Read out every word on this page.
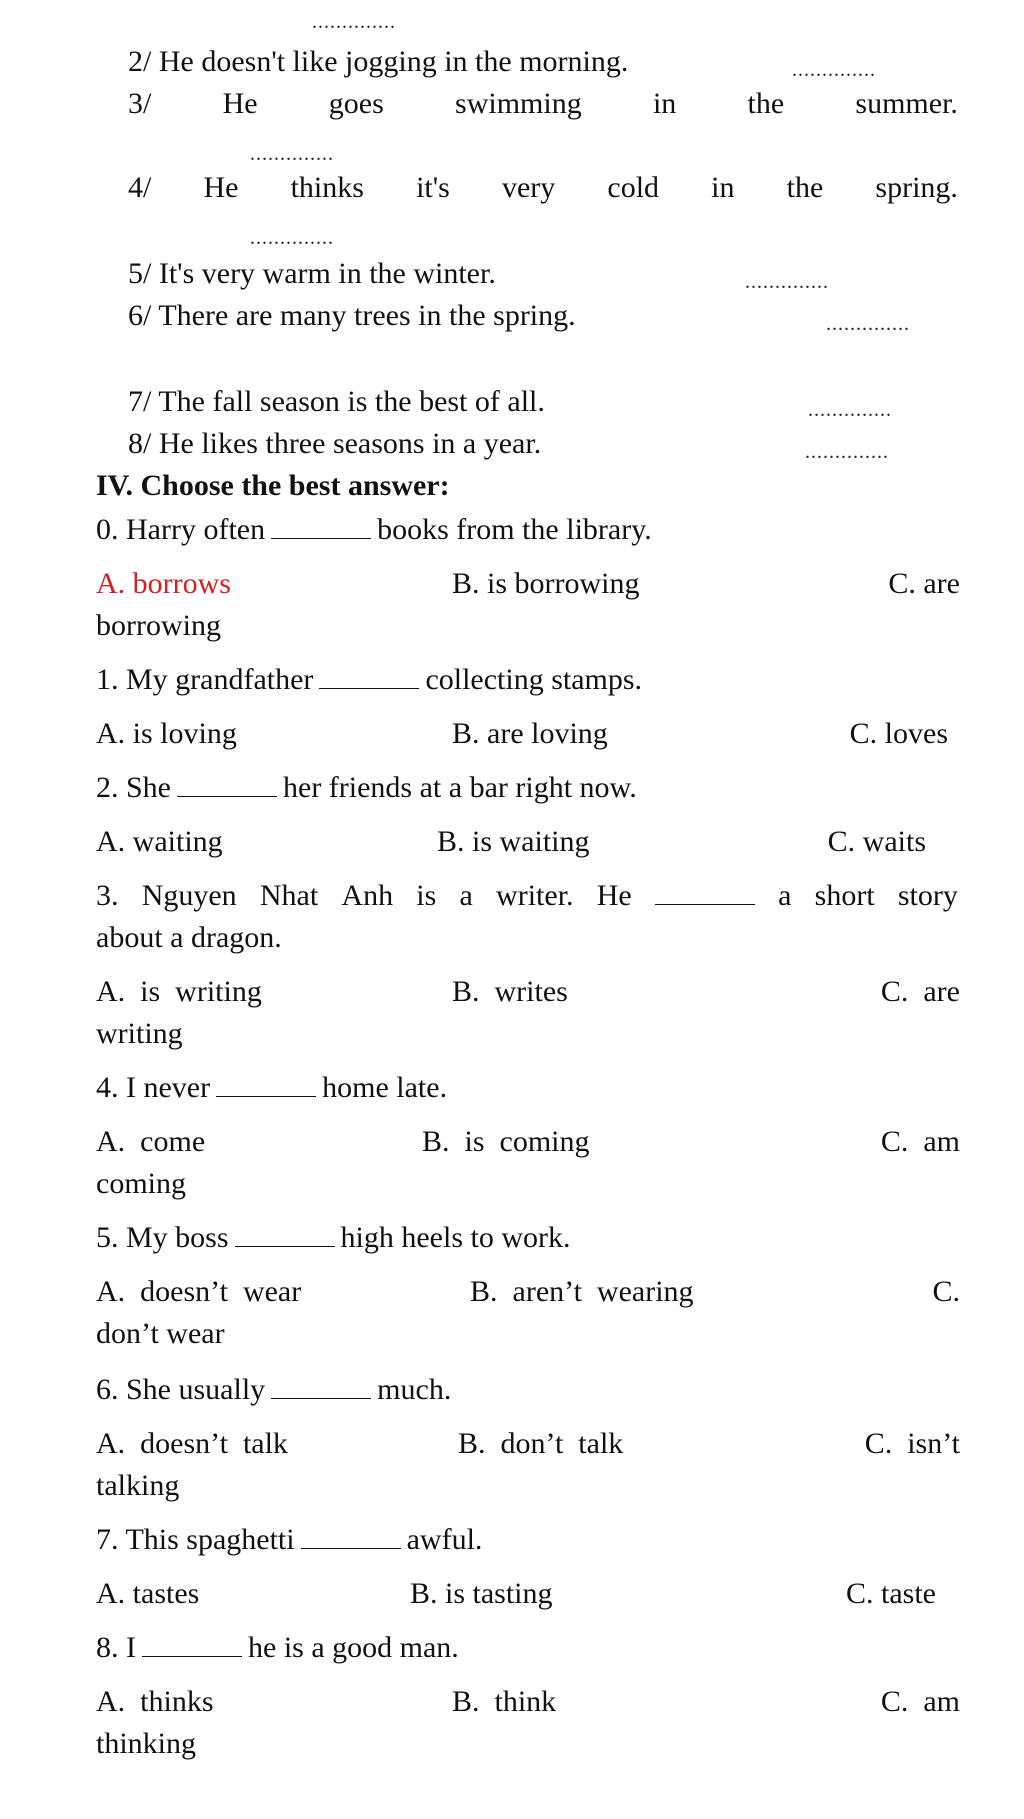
..............
2/ He doesn't like jogging in the morning.	..............
3/ He goes swimming in the summer.
..............
4/ He thinks it's very cold in the spring.
..............
5/ It's very warm in the winter.	..............
6/ There are many trees in the spring.	..............
7/ The fall season is the best of all.	..............
8/ He likes three seasons in a year.	..............
IV. Choose the best answer:
0. Harry often	books from the library.
A. borrows	B. is borrowing	C. are
borrowing
1. My grandfather	collecting stamps.
A. is loving	B. are loving	C. loves
2. She	her friends at a bar right now.
A. waiting	B. is waiting	C. waits
3. Nguyen Nhat Anh is a writer. He	a short story
about a dragon.
A.  is  writing	B.  writes	C.  are
writing
4. I never	home late.
A.  come	B.  is  coming	C.  am
coming
5. My boss	high heels to work.
A.  doesn’t  wear	B.  aren’t  wearing	C.
don’t wear
6. She usually	much.
A.  doesn’t  talk	B.  don’t  talk	C.  isn’t
talking
7. This spaghetti	awful.
A. tastes	B. is tasting	C. taste
8. I	he is a good man.
A.  thinks	B.  think	C.  am
thinking
